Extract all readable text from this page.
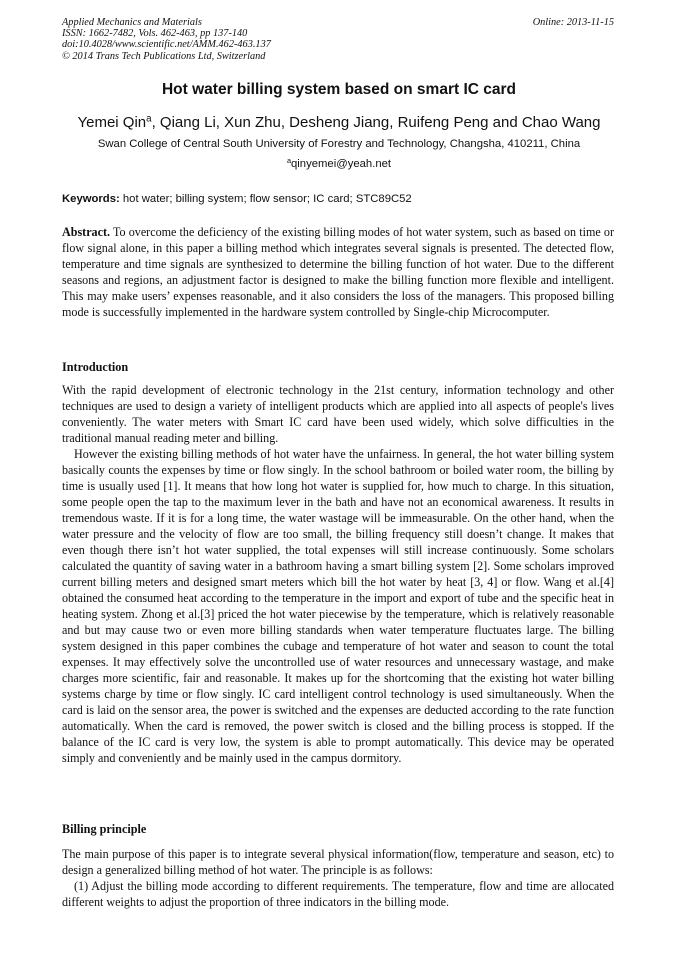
Applied Mechanics and Materials
ISSN: 1662-7482, Vols. 462-463, pp 137-140
doi:10.4028/www.scientific.net/AMM.462-463.137
© 2014 Trans Tech Publications Ltd, Switzerland
Online: 2013-11-15
Hot water billing system based on smart IC card
Yemei Qin$^a$, Qiang Li, Xun Zhu, Desheng Jiang, Ruifeng Peng and Chao Wang
Swan College of Central South University of Forestry and Technology, Changsha, 410211, China
$^a$qinyemei@yeah.net
Keywords: hot water; billing system; flow sensor; IC card; STC89C52
Abstract. To overcome the deficiency of the existing billing modes of hot water system, such as based on time or flow signal alone, in this paper a billing method which integrates several signals is presented. The detected flow, temperature and time signals are synthesized to determine the billing function of hot water. Due to the different seasons and regions, an adjustment factor is designed to make the billing function more flexible and intelligent. This may make users’ expenses reasonable, and it also considers the loss of the managers. This proposed billing mode is successfully implemented in the hardware system controlled by Single-chip Microcomputer.
Introduction

With the rapid development of electronic technology in the 21st century, information technology and other techniques are used to design a variety of intelligent products which are applied into all aspects of people's lives conveniently. The water meters with Smart IC card have been used widely, which solve difficulties in the traditional manual reading meter and billing.

However the existing billing methods of hot water have the unfairness. In general, the hot water billing system basically counts the expenses by time or flow singly. In the school bathroom or boiled water room, the billing by time is usually used [1]. It means that how long hot water is supplied for, how much to charge. In this situation, some people open the tap to the maximum lever in the bath and have not an economical awareness. It results in tremendous waste. If it is for a long time, the water wastage will be immeasurable. On the other hand, when the water pressure and the velocity of flow are too small, the billing frequency still doesn’t change. It makes that even though there isn’t hot water supplied, the total expenses will still increase continuously. Some scholars calculated the quantity of saving water in a bathroom having a smart billing system [2]. Some scholars improved current billing meters and designed smart meters which bill the hot water by heat [3, 4] or flow. Wang et al.[4] obtained the consumed heat according to the temperature in the import and export of tube and the specific heat in heating system. Zhong et al.[3] priced the hot water piecewise by the temperature, which is relatively reasonable and but may cause two or even more billing standards when water temperature fluctuates large. The billing system designed in this paper combines the cubage and temperature of hot water and season to count the total expenses. It may effectively solve the uncontrolled use of water resources and unnecessary wastage, and make charges more scientific, fair and reasonable. It makes up for the shortcoming that the existing hot water billing systems charge by time or flow singly. IC card intelligent control technology is used simultaneously. When the card is laid on the sensor area, the power is switched and the expenses are deducted according to the rate function automatically. When the card is removed, the power switch is closed and the billing process is stopped. If the balance of the IC card is very low, the system is able to prompt automatically. This device may be operated simply and conveniently and be mainly used in the campus dormitory.

Billing principle

The main purpose of this paper is to integrate several physical information(flow, temperature and season, etc) to design a generalized billing method of hot water. The principle is as follows:

(1) Adjust the billing mode according to different requirements. The temperature, flow and time are allocated different weights to adjust the proportion of three indicators in the billing mode.
